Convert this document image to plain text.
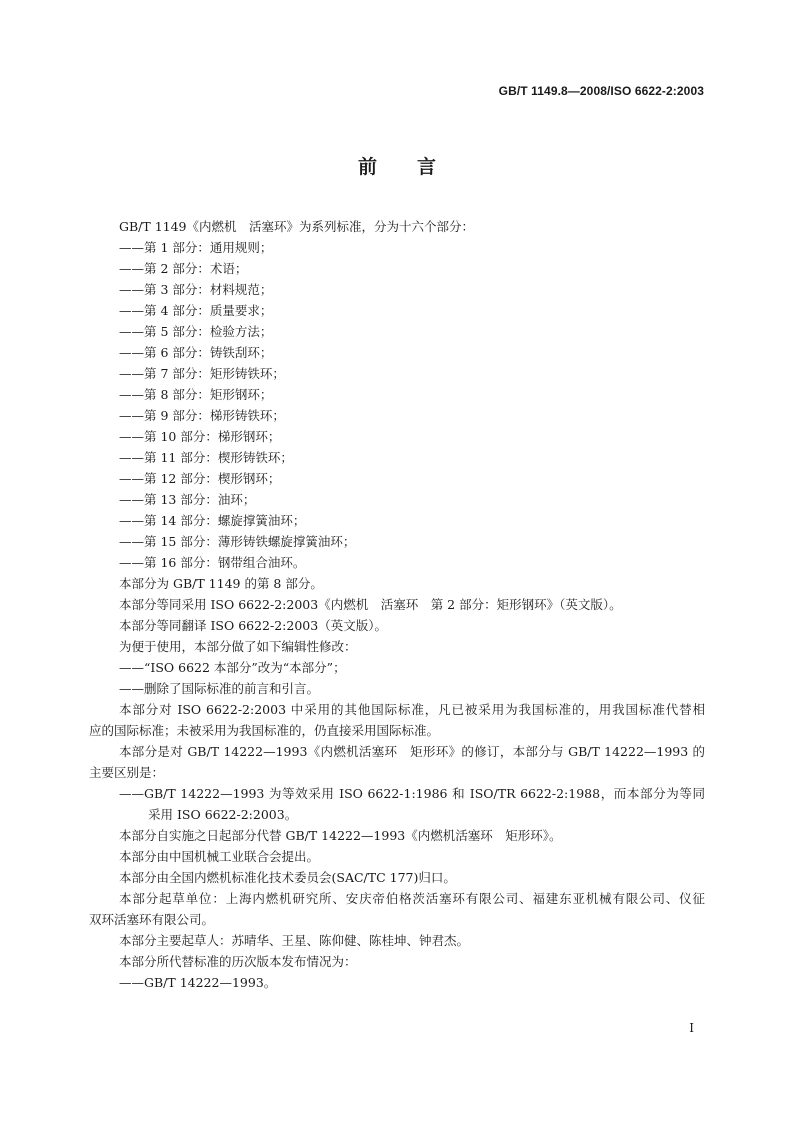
GB/T 1149.8—2008/ISO 6622-2:2003
前言
GB/T 1149《内燃机　活塞环》为系列标准，分为十六个部分：
——第 1 部分：通用规则；
——第 2 部分：术语；
——第 3 部分：材料规范；
——第 4 部分：质量要求；
——第 5 部分：检验方法；
——第 6 部分：铸铁刮环；
——第 7 部分：矩形铸铁环；
——第 8 部分：矩形钢环；
——第 9 部分：梯形铸铁环；
——第 10 部分：梯形钢环；
——第 11 部分：楔形铸铁环；
——第 12 部分：楔形钢环；
——第 13 部分：油环；
——第 14 部分：螺旋撑簧油环；
——第 15 部分：薄形铸铁螺旋撑簧油环；
——第 16 部分：钢带组合油环。
本部分为 GB/T 1149 的第 8 部分。
本部分等同采用 ISO 6622-2:2003《内燃机　活塞环　第 2 部分：矩形钢环》（英文版）。
本部分等同翻译 ISO 6622-2:2003（英文版）。
为便于使用，本部分做了如下编辑性修改：
——“ISO 6622 本部分”改为“本部分”；
——删除了国际标准的前言和引言。
本部分对 ISO 6622-2:2003 中采用的其他国际标准，凡已被采用为我国标准的，用我国标准代替相
应的国际标准；未被采用为我国标准的，仍直接采用国际标准。
本部分是对 GB/T 14222—1993《内燃机活塞环　矩形环》的修订，本部分与 GB/T 14222—1993 的
主要区别是：
——GB/T 14222—1993 为等效采用 ISO 6622-1:1986 和 ISO/TR 6622-2:1988，而本部分为等同
采用 ISO 6622-2:2003。
本部分自实施之日起部分代替 GB/T 14222—1993《内燃机活塞环　矩形环》。
本部分由中国机械工业联合会提出。
本部分由全国内燃机标准化技术委员会(SAC/TC 177)归口。
本部分起草单位：上海内燃机研究所、安庆帝伯格茨活塞环有限公司、福建东亚机械有限公司、仪征
双环活塞环有限公司。
本部分主要起草人：苏晴华、王星、陈仰健、陈桂坤、钟君杰。
本部分所代替标准的历次版本发布情况为：
——GB/T 14222—1993。
I
